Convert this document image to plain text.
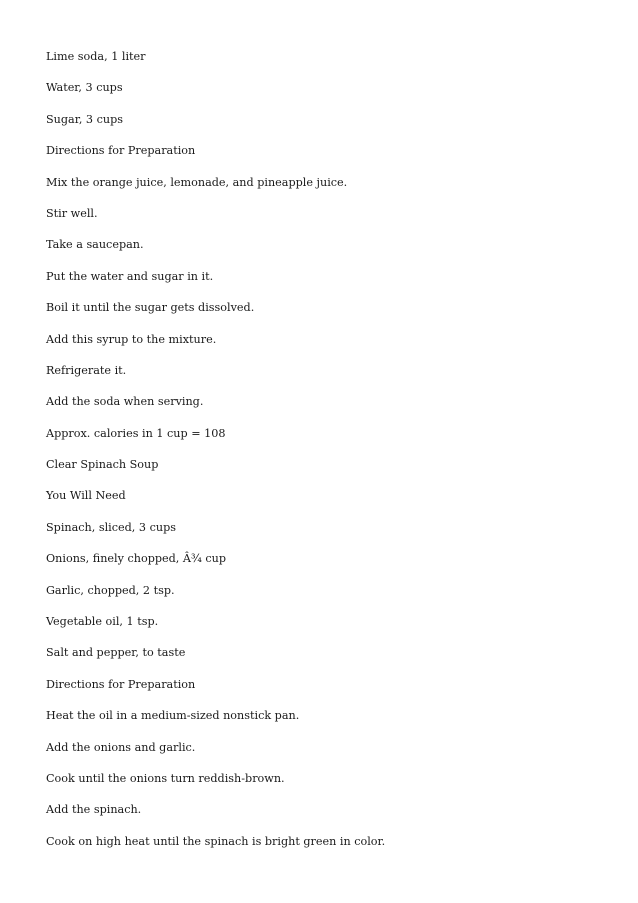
Lime soda, 1 liter
Water, 3 cups
Sugar, 3 cups
Directions for Preparation
Mix the orange juice, lemonade, and pineapple juice.
Stir well.
Take a saucepan.
Put the water and sugar in it.
Boil it until the sugar gets dissolved.
Add this syrup to the mixture.
Refrigerate it.
Add the soda when serving.
Approx. calories in 1 cup = 108
Clear Spinach Soup
You Will Need
Spinach, sliced, 3 cups
Onions, finely chopped, Â¾ cup
Garlic, chopped, 2 tsp.
Vegetable oil, 1 tsp.
Salt and pepper, to taste
Directions for Preparation
Heat the oil in a medium-sized nonstick pan.
Add the onions and garlic.
Cook until the onions turn reddish-brown.
Add the spinach.
Cook on high heat until the spinach is bright green in color.
